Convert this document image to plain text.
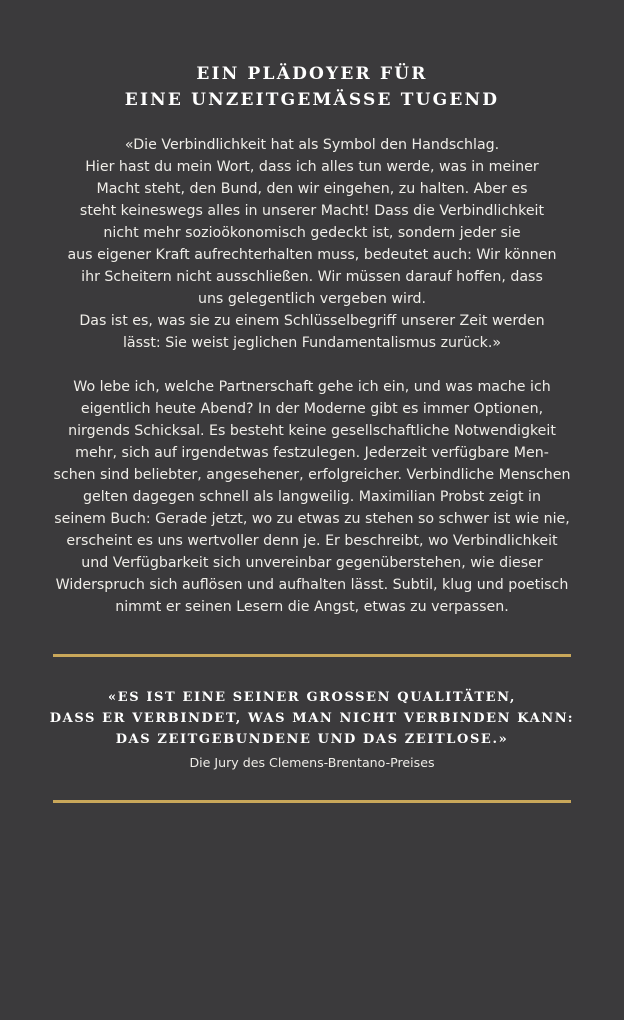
EIN PLÄDOYER FÜR
EINE UNZEITGEMÄSSE TUGEND
«Die Verbindlichkeit hat als Symbol den Handschlag.
Hier hast du mein Wort, dass ich alles tun werde, was in meiner
Macht steht, den Bund, den wir eingehen, zu halten. Aber es
steht keineswegs alles in unserer Macht! Dass die Verbindlichkeit
nicht mehr sozioökonomisch gedeckt ist, sondern jeder sie
aus eigener Kraft aufrechterhalten muss, bedeutet auch: Wir können
ihr Scheitern nicht ausschließen. Wir müssen darauf hoffen, dass
uns gelegentlich vergeben wird.
Das ist es, was sie zu einem Schlüsselbegriff unserer Zeit werden
lässt: Sie weist jeglichen Fundamentalismus zurück.»
Wo lebe ich, welche Partnerschaft gehe ich ein, und was mache ich
eigentlich heute Abend? In der Moderne gibt es immer Optionen,
nirgends Schicksal. Es besteht keine gesellschaftliche Notwendigkeit
mehr, sich auf irgendetwas festzulegen. Jederzeit verfügbare Men-
schen sind beliebter, angesehener, erfolgreicher. Verbindliche Menschen
gelten dagegen schnell als langweilig. Maximilian Probst zeigt in
seinem Buch: Gerade jetzt, wo zu etwas zu stehen so schwer ist wie nie,
erscheint es uns wertvoller denn je. Er beschreibt, wo Verbindlichkeit
und Verfügbarkeit sich unvereinbar gegenüberstehen, wie dieser
Widerspruch sich auflösen und aufhalten lässt. Subtil, klug und poetisch
nimmt er seinen Lesern die Angst, etwas zu verpassen.
«ES IST EINE SEINER GROSSEN QUALITÄTEN,
DASS ER VERBINDET, WAS MAN NICHT VERBINDEN KANN:
DAS ZEITGEBUNDENE UND DAS ZEITLOSE.»
Die Jury des Clemens-Brentano-Preises
